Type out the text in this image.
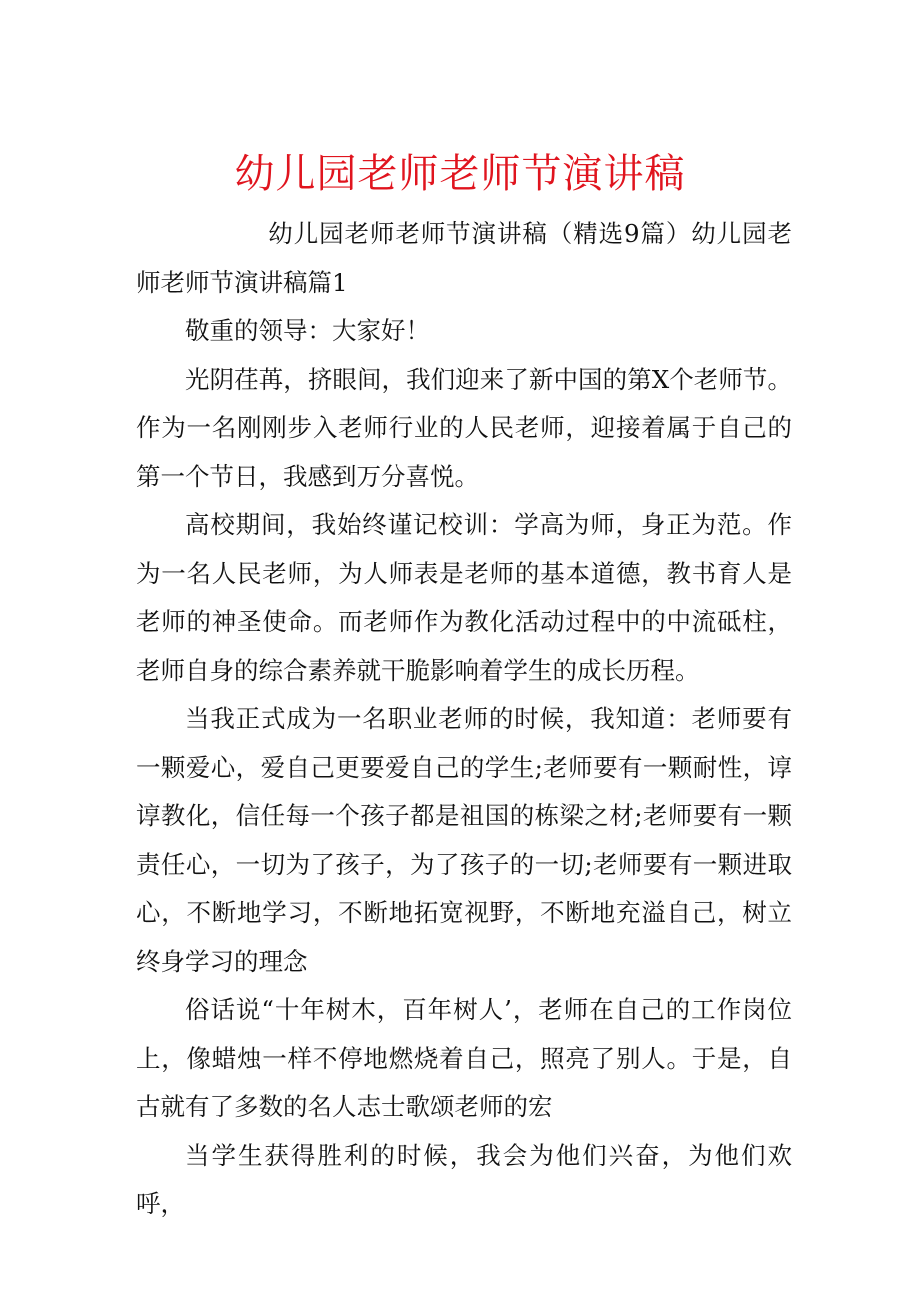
幼儿园老师老师节演讲稿

幼儿园老师老师节演讲稿（精选9篇）幼儿园老师老师节演讲稿篇1

敬重的领导：大家好！

光阴荏苒，挤眼间，我们迎来了新中国的第X个老师节。作为一名刚刚步入老师行业的人民老师，迎接着属于自己的第一个节日，我感到万分喜悦。

高校期间，我始终谨记校训：学高为师，身正为范。作为一名人民老师，为人师表是老师的基本道德，教书育人是老师的神圣使命。而老师作为教化活动过程中的中流砥柱，老师自身的综合素养就干脆影响着学生的成长历程。

当我正式成为一名职业老师的时候，我知道：老师要有一颗爱心，爱自己更要爱自己的学生;老师要有一颗耐性，谆谆教化，信任每一个孩子都是祖国的栋梁之材;老师要有一颗责任心，一切为了孩子，为了孩子的一切;老师要有一颗进取心，不断地学习，不断地拓宽视野，不断地充溢自己，树立终身学习的理念

俗话说“十年树木，百年树人’，老师在自己的工作岗位上，像蜡烛一样不停地燃烧着自己，照亮了别人。于是，自古就有了多数的名人志士歌颂老师的宏

当学生获得胜利的时候，我会为他们兴奋，为他们欢呼，
